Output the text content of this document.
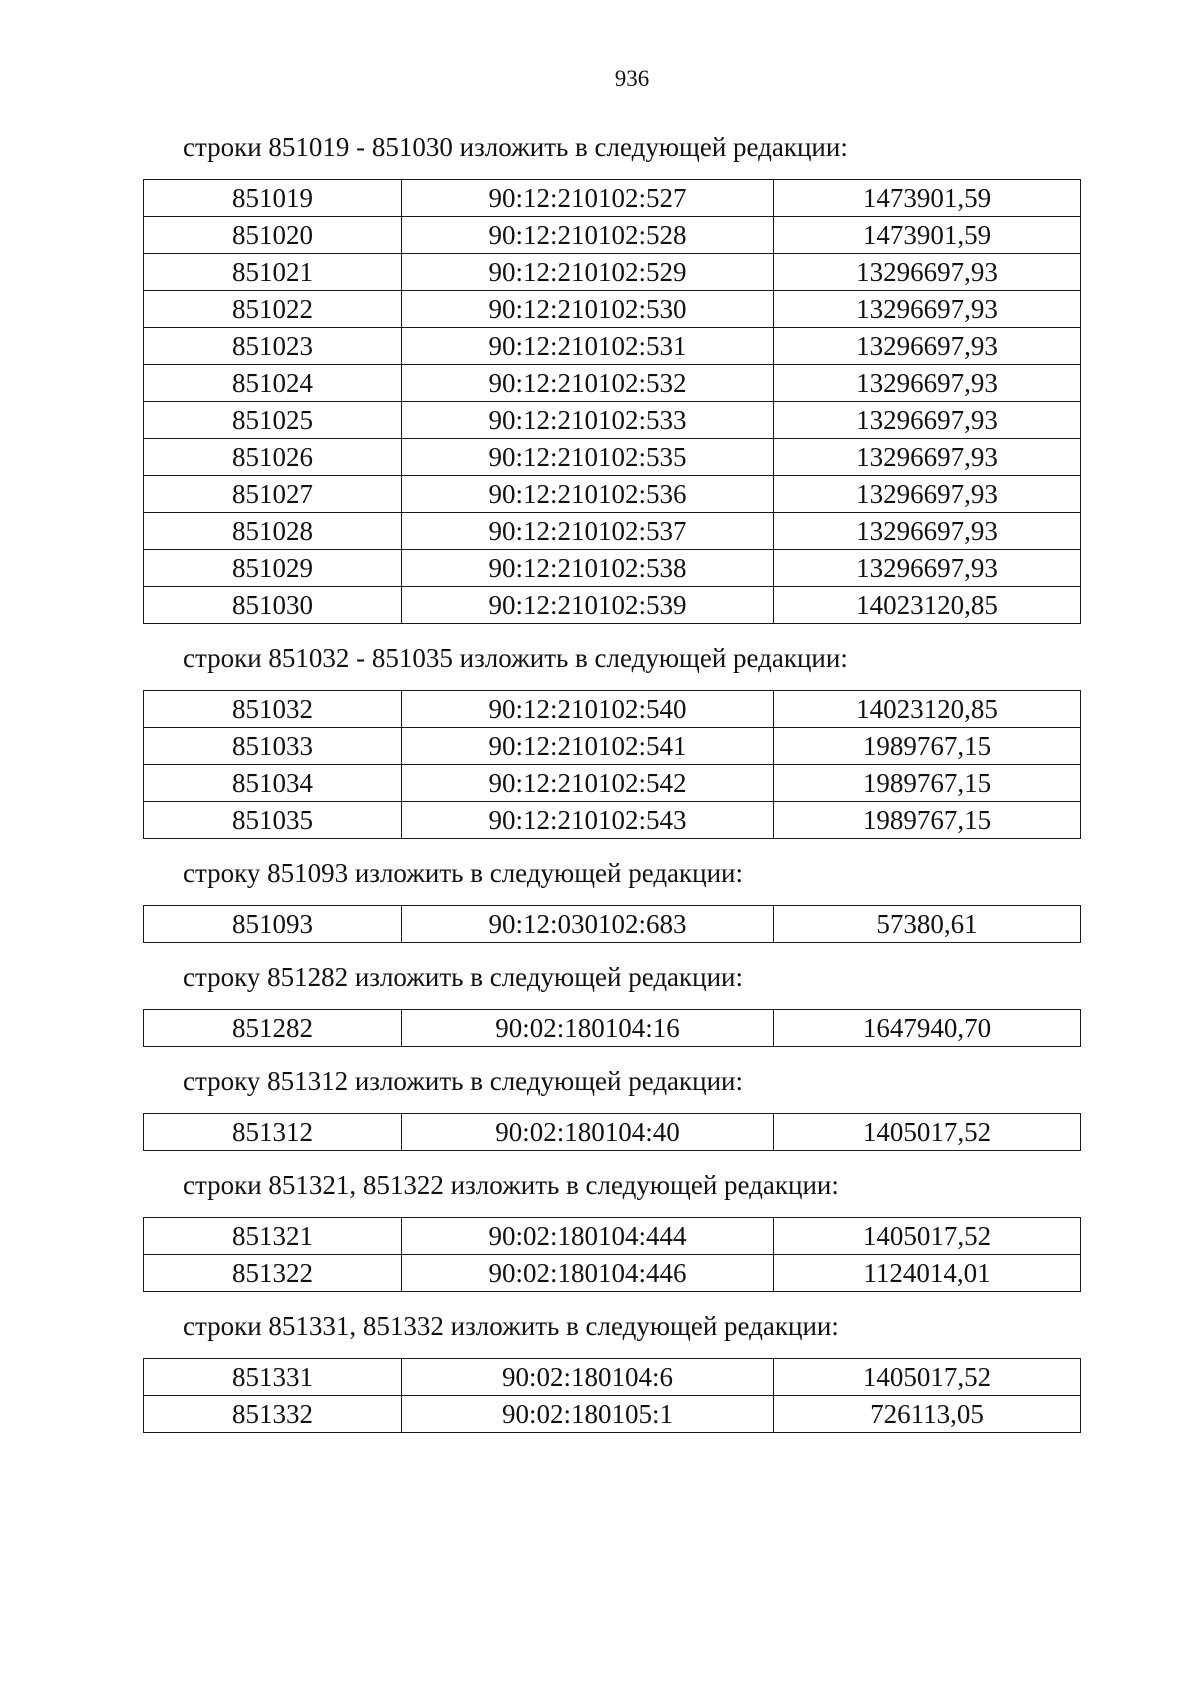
936

строки 851019 - 851030 изложить в следующей редакции:

851019	90:12:210102:527	1473901,59
851020	90:12:210102:528	1473901,59
851021	90:12:210102:529	13296697,93
851022	90:12:210102:530	13296697,93
851023	90:12:210102:531	13296697,93
851024	90:12:210102:532	13296697,93
851025	90:12:210102:533	13296697,93
851026	90:12:210102:535	13296697,93
851027	90:12:210102:536	13296697,93
851028	90:12:210102:537	13296697,93
851029	90:12:210102:538	13296697,93
851030	90:12:210102:539	14023120,85

строки 851032 - 851035 изложить в следующей редакции:

851032	90:12:210102:540	14023120,85
851033	90:12:210102:541	1989767,15
851034	90:12:210102:542	1989767,15
851035	90:12:210102:543	1989767,15

строку 851093 изложить в следующей редакции:

851093	90:12:030102:683	57380,61

строку 851282 изложить в следующей редакции:

851282	90:02:180104:16	1647940,70

строку 851312 изложить в следующей редакции:

851312	90:02:180104:40	1405017,52

строки 851321, 851322 изложить в следующей редакции:

851321	90:02:180104:444	1405017,52
851322	90:02:180104:446	1124014,01

строки 851331, 851332 изложить в следующей редакции:

851331	90:02:180104:6	1405017,52
851332	90:02:180105:1	726113,05
